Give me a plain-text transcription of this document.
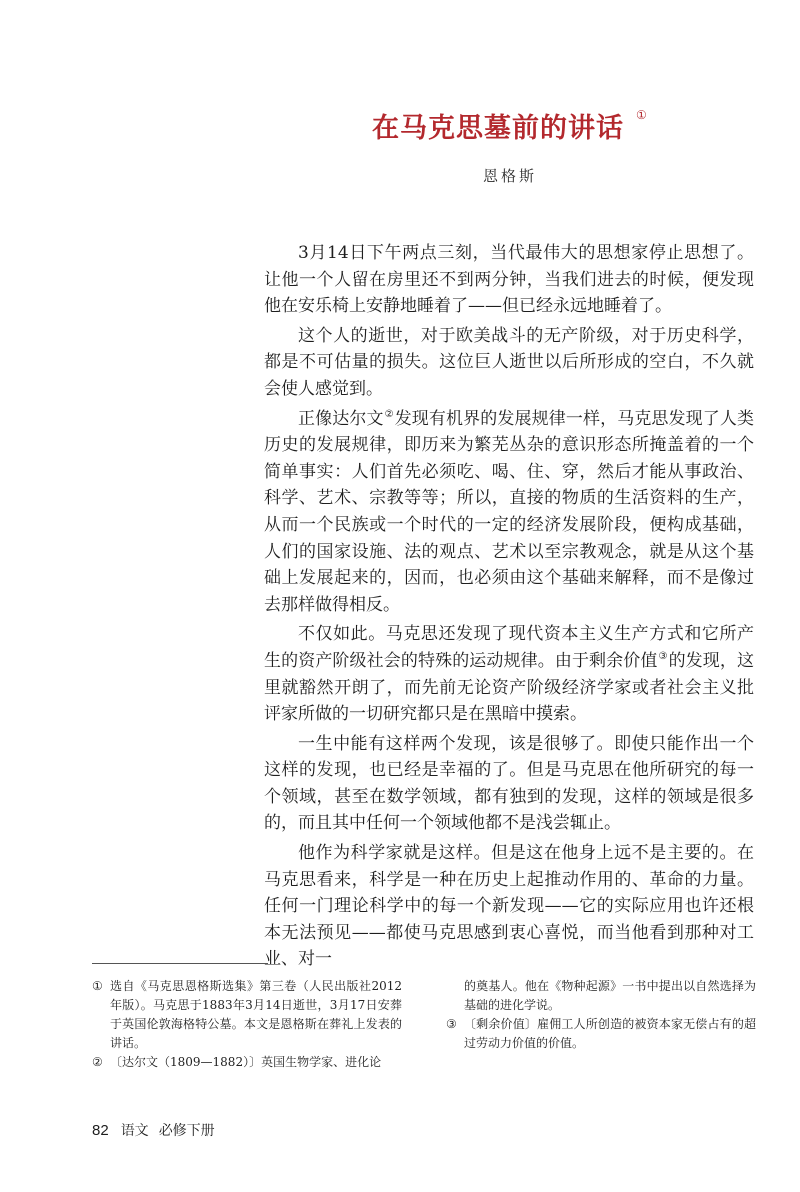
在马克思墓前的讲话 ①
恩格斯

3月14日下午两点三刻，当代最伟大的思想家停止思想了。让他一个人留在房里还不到两分钟，当我们进去的时候，便发现他在安乐椅上安静地睡着了——但已经永远地睡着了。

这个人的逝世，对于欧美战斗的无产阶级，对于历史科学，都是不可估量的损失。这位巨人逝世以后所形成的空白，不久就会使人感觉到。

正像达尔文②发现有机界的发展规律一样，马克思发现了人类历史的发展规律，即历来为繁芜丛杂的意识形态所掩盖着的一个简单事实：人们首先必须吃、喝、住、穿，然后才能从事政治、科学、艺术、宗教等等；所以，直接的物质的生活资料的生产，从而一个民族或一个时代的一定的经济发展阶段，便构成基础，人们的国家设施、法的观点、艺术以至宗教观念，就是从这个基础上发展起来的，因而，也必须由这个基础来解释，而不是像过去那样做得相反。

不仅如此。马克思还发现了现代资本主义生产方式和它所产生的资产阶级社会的特殊的运动规律。由于剩余价值③的发现，这里就豁然开朗了，而先前无论资产阶级经济学家或者社会主义批评家所做的一切研究都只是在黑暗中摸索。

一生中能有这样两个发现，该是很够了。即使只能作出一个这样的发现，也已经是幸福的了。但是马克思在他所研究的每一个领域，甚至在数学领域，都有独到的发现，这样的领域是很多的，而且其中任何一个领域他都不是浅尝辄止。

他作为科学家就是这样。但是这在他身上远不是主要的。在马克思看来，科学是一种在历史上起推动作用的、革命的力量。任何一门理论科学中的每一个新发现——它的实际应用也许还根本无法预见——都使马克思感到衷心喜悦，而当他看到那种对工业、对一

① 选自《马克思恩格斯选集》第三卷（人民出版社2012年版）。马克思于1883年3月14日逝世，3月17日安葬于英国伦敦海格特公墓。本文是恩格斯在葬礼上发表的讲话。
② 〔达尔文（1809—1882）〕英国生物学家、进化论
的奠基人。他在《物种起源》一书中提出以自然选择为基础的进化学说。
③ 〔剩余价值〕雇佣工人所创造的被资本家无偿占有的超过劳动力价值的价值。
82 语文 必修下册
